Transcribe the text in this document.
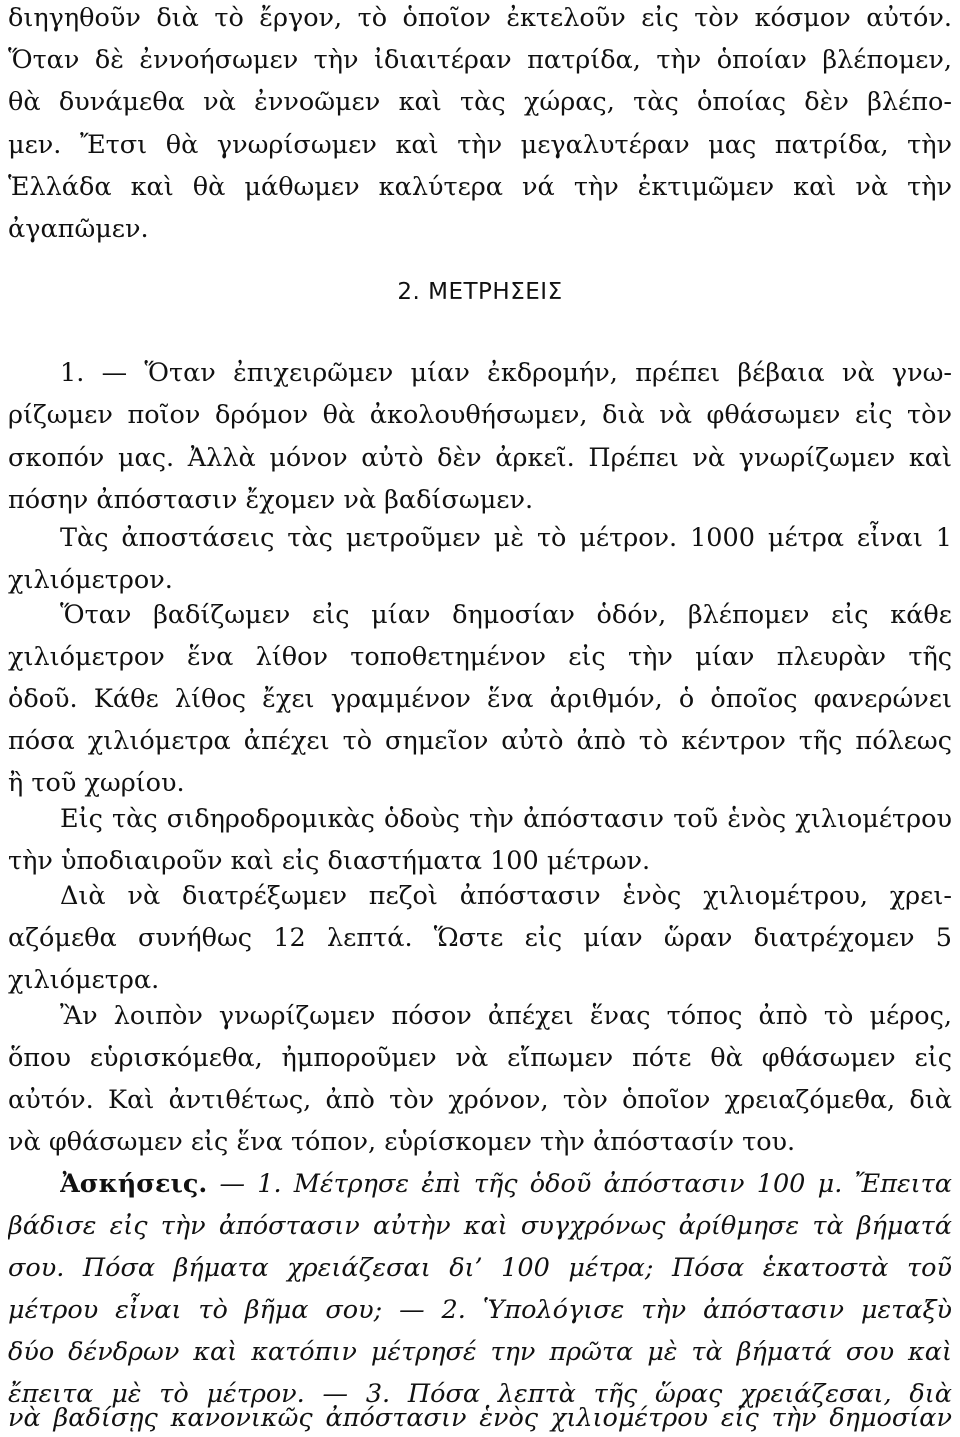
διηγηθοῦν διὰ τὸ ἔργον, τὸ ὁποῖον ἐκτελοῦν εἰς τὸν κόσμον αὐτόν.
Ὅταν δὲ ἐννοήσωμεν τὴν ἰδιαιτέραν πατρίδα, τὴν ὁποίαν βλέπομεν,
θὰ δυνάμεθα νὰ ἐννοῶμεν καὶ τὰς χώρας, τὰς ὁποίας δὲν βλέπο-
μεν. Ἔτσι θὰ γνωρίσωμεν καὶ τὴν μεγαλυτέραν μας πατρίδα, τὴν
Ἑλλάδα καὶ θὰ μάθωμεν καλύτερα νά τὴν ἐκτιμῶμεν καὶ νὰ τὴν
ἀγαπῶμεν.
2. ΜΕΤΡΗΣΕΙΣ
1. — Ὅταν ἐπιχειρῶμεν μίαν ἐκδρομήν, πρέπει βέβαια νὰ γνω-
ρίζωμεν ποῖον δρόμον θὰ ἀκολουθήσωμεν, διὰ νὰ φθάσωμεν εἰς τὸν
σκοπόν μας. Ἀλλὰ μόνον αὐτὸ δὲν ἀρκεῖ. Πρέπει νὰ γνωρίζωμεν καὶ
πόσην ἀπόστασιν ἔχομεν νὰ βαδίσωμεν.
Τὰς ἀποστάσεις τὰς μετροῦμεν μὲ τὸ μέτρον. 1000 μέτρα εἶναι 1
χιλιόμετρον.
Ὅταν βαδίζωμεν εἰς μίαν δημοσίαν ὁδόν, βλέπομεν εἰς κάθε
χιλιόμετρον ἕνα λίθον τοποθετημένον εἰς τὴν μίαν πλευρὰν τῆς
ὁδοῦ. Κάθε λίθος ἔχει γραμμένον ἕνα ἀριθμόν, ὁ ὁποῖος φανερώνει
πόσα χιλιόμετρα ἀπέχει τὸ σημεῖον αὐτὸ ἀπὸ τὸ κέντρον τῆς πόλεως
ἢ τοῦ χωρίου.
Εἰς τὰς σιδηροδρομικὰς ὁδοὺς τὴν ἀπόστασιν τοῦ ἑνὸς χιλιομέτρου
τὴν ὑποδιαιροῦν καὶ εἰς διαστήματα 100 μέτρων.
Διὰ νὰ διατρέξωμεν πεζοὶ ἀπόστασιν ἑνὸς χιλιομέτρου, χρει-
αζόμεθα συνήθως 12 λεπτά. Ὥστε εἰς μίαν ὥραν διατρέχομεν 5
χιλιόμετρα.
Ἂν λοιπὸν γνωρίζωμεν πόσον ἀπέχει ἕνας τόπος ἀπὸ τὸ μέρος,
ὅπου εὑρισκόμεθα, ἠμποροῦμεν νὰ εἴπωμεν πότε θὰ φθάσωμεν εἰς
αὐτόν. Καὶ ἀντιθέτως, ἀπὸ τὸν χρόνον, τὸν ὁποῖον χρειαζόμεθα, διὰ
νὰ φθάσωμεν εἰς ἕνα τόπον, εὑρίσκομεν τὴν ἀπόστασίν του.
Ἀσκήσεις. — 1. Μέτρησε ἐπὶ τῆς ὁδοῦ ἀπόστασιν 100 μ. Ἔπειτα
βάδισε εἰς τὴν ἀπόστασιν αὐτὴν καὶ συγχρόνως ἀρίθμησε τὰ βήματά
σου. Πόσα βήματα χρειάζεσαι δι’ 100 μέτρα; Πόσα ἑκατοστὰ τοῦ
μέτρου εἶναι τὸ βῆμα σου; — 2. Ὑπολόγισε τὴν ἀπόστασιν μεταξὺ
δύο δένδρων καὶ κατόπιν μέτρησέ την πρῶτα μὲ τὰ βήματά σου καὶ
ἔπειτα μὲ τὸ μέτρον. — 3. Πόσα λεπτὰ τῆς ὥρας χρειάζεσαι, διὰ
νὰ βαδίσῃς κανονικῶς ἀπόστασιν ἑνὸς χιλιομέτρου εἰς τὴν δημοσίαν
